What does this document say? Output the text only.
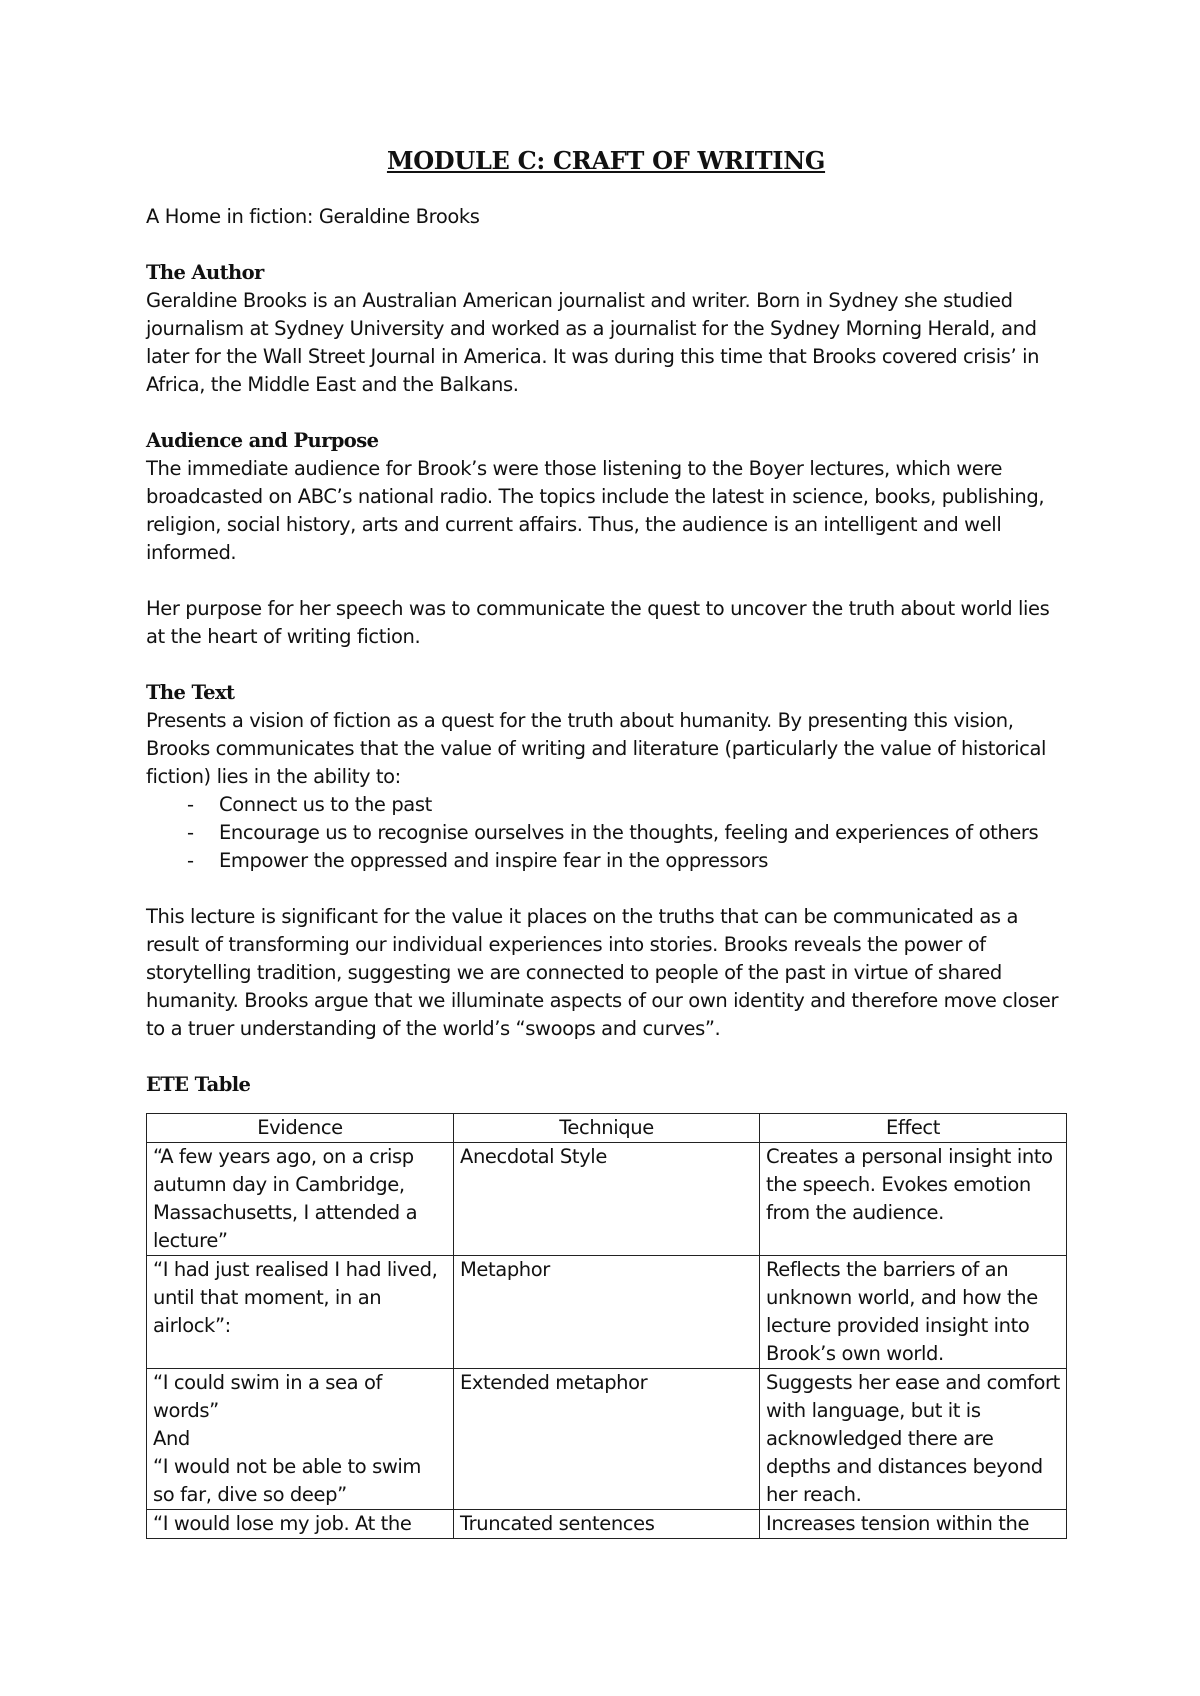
MODULE C: CRAFT OF WRITING

A Home in fiction: Geraldine Brooks

The Author

Geraldine Brooks is an Australian American journalist and writer. Born in Sydney she studied journalism at Sydney University and worked as a journalist for the Sydney Morning Herald, and later for the Wall Street Journal in America. It was during this time that Brooks covered crisis’ in Africa, the Middle East and the Balkans.

Audience and Purpose

The immediate audience for Brook’s were those listening to the Boyer lectures, which were broadcasted on ABC’s national radio. The topics include the latest in science, books, publishing, religion, social history, arts and current affairs. Thus, the audience is an intelligent and well informed.

Her purpose for her speech was to communicate the quest to uncover the truth about world lies at the heart of writing fiction.

The Text

Presents a vision of fiction as a quest for the truth about humanity. By presenting this vision, Brooks communicates that the value of writing and literature (particularly the value of historical fiction) lies in the ability to:

- Connect us to the past
- Encourage us to recognise ourselves in the thoughts, feeling and experiences of others
- Empower the oppressed and inspire fear in the oppressors

This lecture is significant for the value it places on the truths that can be communicated as a result of transforming our individual experiences into stories. Brooks reveals the power of storytelling tradition, suggesting we are connected to people of the past in virtue of shared humanity. Brooks argue that we illuminate aspects of our own identity and therefore move closer to a truer understanding of the world’s “swoops and curves”.

ETE Table
Evidence	Technique	Effect
“A few years ago, on a crisp autumn day in Cambridge, Massachusetts, I attended a lecture”	Anecdotal Style	Creates a personal insight into the speech. Evokes emotion from the audience.
“I had just realised I had lived, until that moment, in an airlock”:	Metaphor	Reflects the barriers of an unknown world, and how the lecture provided insight into Brook’s own world.

“I could swim in a sea of words”
And
“I would not be able to swim so far, dive so deep”	Extended metaphor	Suggests her ease and comfort with language, but it is acknowledged there are depths and distances beyond her reach.
“I would lose my job. At the	Truncated sentences	Increases tension within the
